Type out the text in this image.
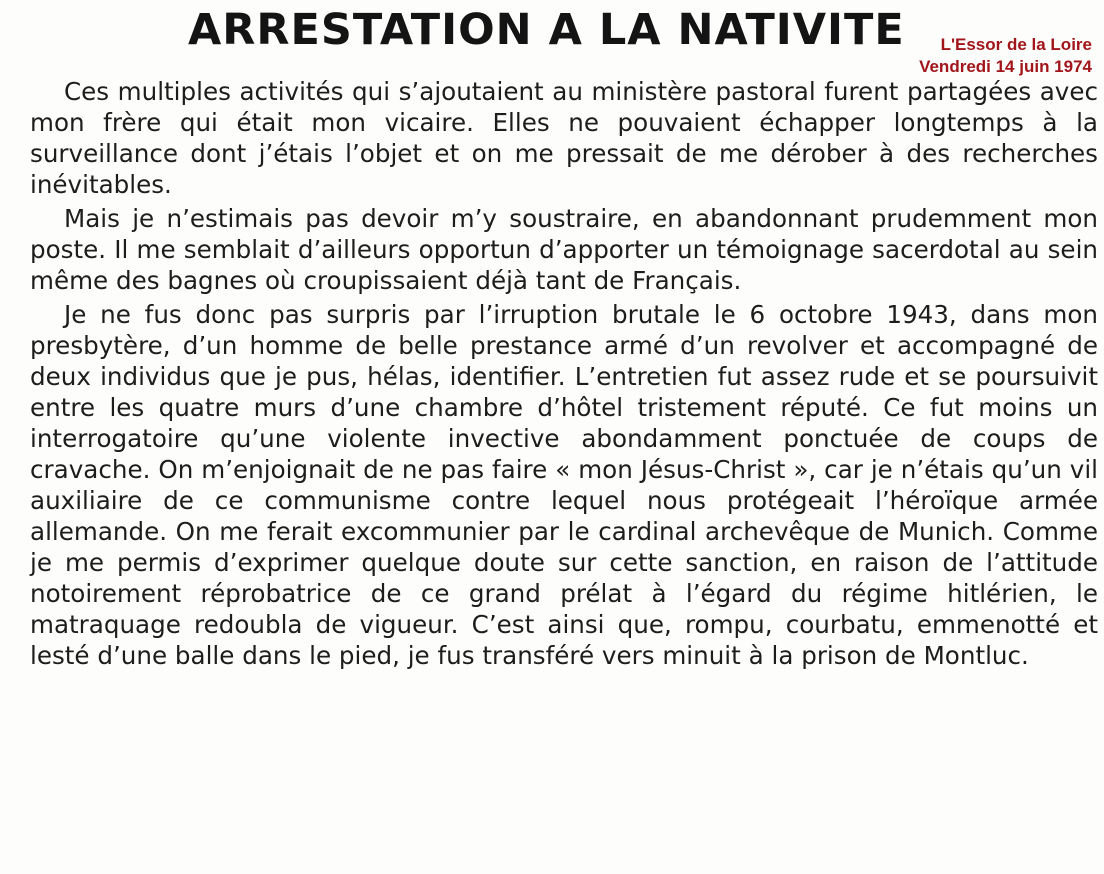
ARRESTATION A LA NATIVITE	L'Essor de la Loire
Vendredi 14 juin 1974

Ces multiples activités qui s’ajoutaient au ministère pastoral furent partagées avec mon frère qui était mon vicaire. Elles ne pouvaient échapper longtemps à la surveillance dont j’étais l’objet et on me pressait de me dérober à des recherches inévitables.

Mais je n’estimais pas devoir m’y soustraire, en abandonnant prudemment mon poste. Il me semblait d’ailleurs opportun d’apporter un témoignage sacerdotal au sein même des bagnes où croupissaient déjà tant de Français.

Je ne fus donc pas surpris par l’irruption brutale le 6 octobre 1943, dans mon presbytère, d’un homme de belle prestance armé d’un revolver et accompagné de deux individus que je pus, hélas, identifier. L’entretien fut assez rude et se poursuivit entre les quatre murs d’une chambre d’hôtel tristement réputé. Ce fut moins un interrogatoire qu’une violente invective abondamment ponctuée de coups de cravache. On m’enjoignait de ne pas faire « mon Jésus-Christ », car je n’étais qu’un vil auxiliaire de ce communisme contre lequel nous protégeait l’héroïque armée allemande. On me ferait excommunier par le cardinal archevêque de Munich. Comme je me permis d’exprimer quelque doute sur cette sanction, en raison de l’attitude notoirement réprobatrice de ce grand prélat à l’égard du régime hitlérien, le matraquage redoubla de vigueur. C’est ainsi que, rompu, courbatu, emmenotté et lesté d’une balle dans le pied, je fus transféré vers minuit à la prison de Montluc.
